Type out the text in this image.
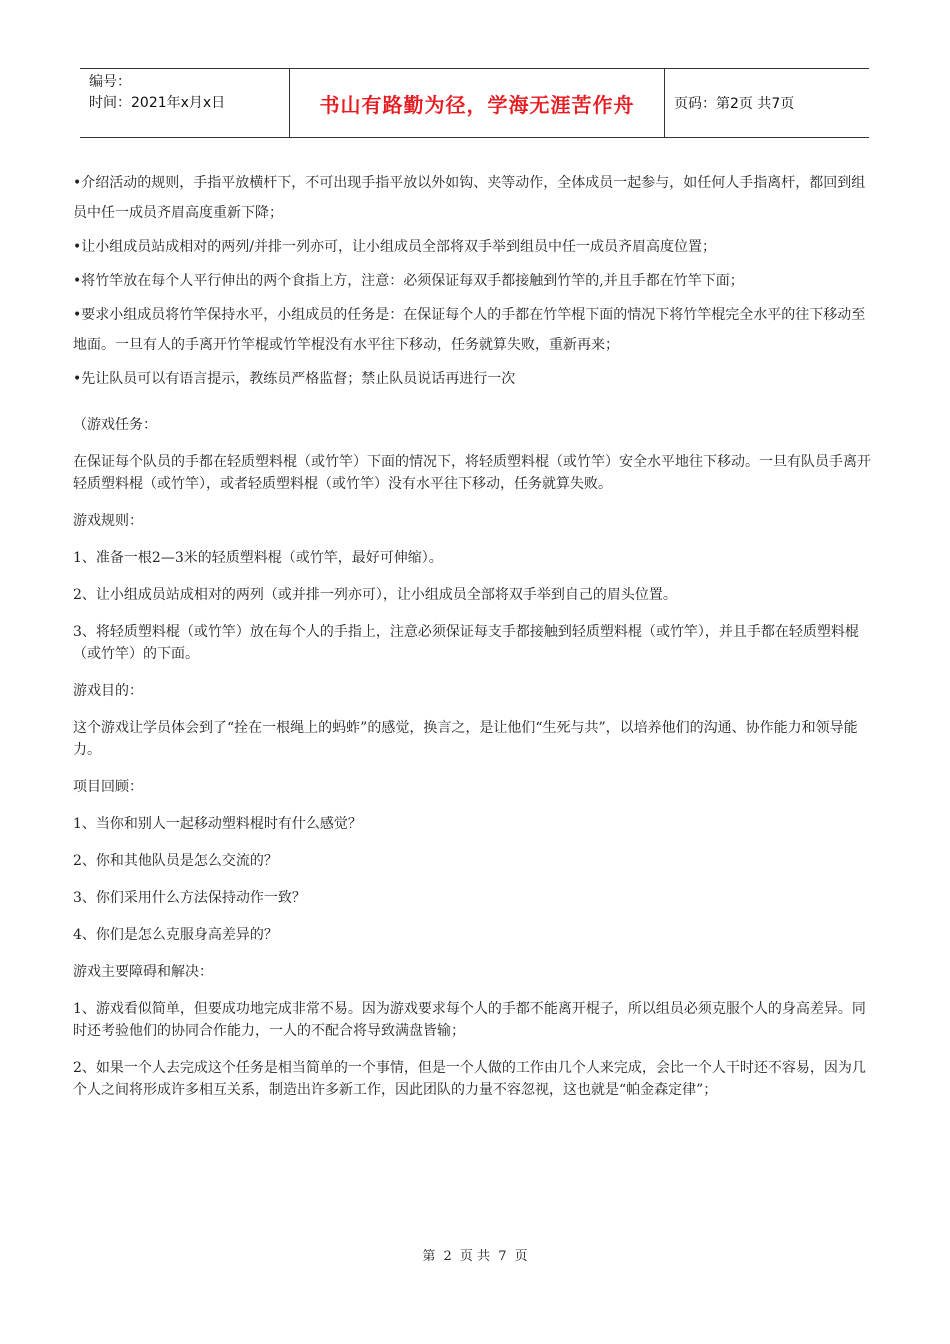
编号：
时间：2021年x月x日	书山有路勤为径，学海无涯苦作舟	页码：第2页 共7页

•介绍活动的规则，手指平放横杆下，不可出现手指平放以外如钩、夹等动作，全体成员一起参与，如任何人手指离杆，都回到组员中任一成员齐眉高度重新下降；

•让小组成员站成相对的两列/并排一列亦可，让小组成员全部将双手举到组员中任一成员齐眉高度位置；

•将竹竿放在每个人平行伸出的两个食指上方，注意：必须保证每双手都接触到竹竿的,并且手都在竹竿下面；

•要求小组成员将竹竿保持水平，小组成员的任务是：在保证每个人的手都在竹竿棍下面的情况下将竹竿棍完全水平的往下移动至地面。一旦有人的手离开竹竿棍或竹竿棍没有水平往下移动，任务就算失败，重新再来；

•先让队员可以有语言提示，教练员严格监督；禁止队员说话再进行一次

（游戏任务：

在保证每个队员的手都在轻质塑料棍（或竹竿）下面的情况下，将轻质塑料棍（或竹竿）安全水平地往下移动。一旦有队员手离开轻质塑料棍（或竹竿），或者轻质塑料棍（或竹竿）没有水平往下移动，任务就算失败。

游戏规则：

1、准备一根2—3米的轻质塑料棍（或竹竿，最好可伸缩）。

2、让小组成员站成相对的两列（或并排一列亦可），让小组成员全部将双手举到自己的眉头位置。

3、将轻质塑料棍（或竹竿）放在每个人的手指上，注意必须保证每支手都接触到轻质塑料棍（或竹竿），并且手都在轻质塑料棍（或竹竿）的下面。

游戏目的：

这个游戏让学员体会到了“拴在一根绳上的蚂蚱”的感觉，换言之，是让他们“生死与共”，以培养他们的沟通、协作能力和领导能力。

项目回顾：

1、当你和别人一起移动塑料棍时有什么感觉？

2、你和其他队员是怎么交流的？

3、你们采用什么方法保持动作一致？

4、你们是怎么克服身高差异的？

游戏主要障碍和解决：

1、游戏看似简单，但要成功地完成非常不易。因为游戏要求每个人的手都不能离开棍子，所以组员必须克服个人的身高差异。同时还考验他们的协同合作能力，一人的不配合将导致满盘皆输；

2、如果一个人去完成这个任务是相当简单的一个事情，但是一个人做的工作由几个人来完成，会比一个人干时还不容易，因为几个人之间将形成许多相互关系，制造出许多新工作，因此团队的力量不容忽视，这也就是“帕金森定律”；

第 2 页 共 7 页
